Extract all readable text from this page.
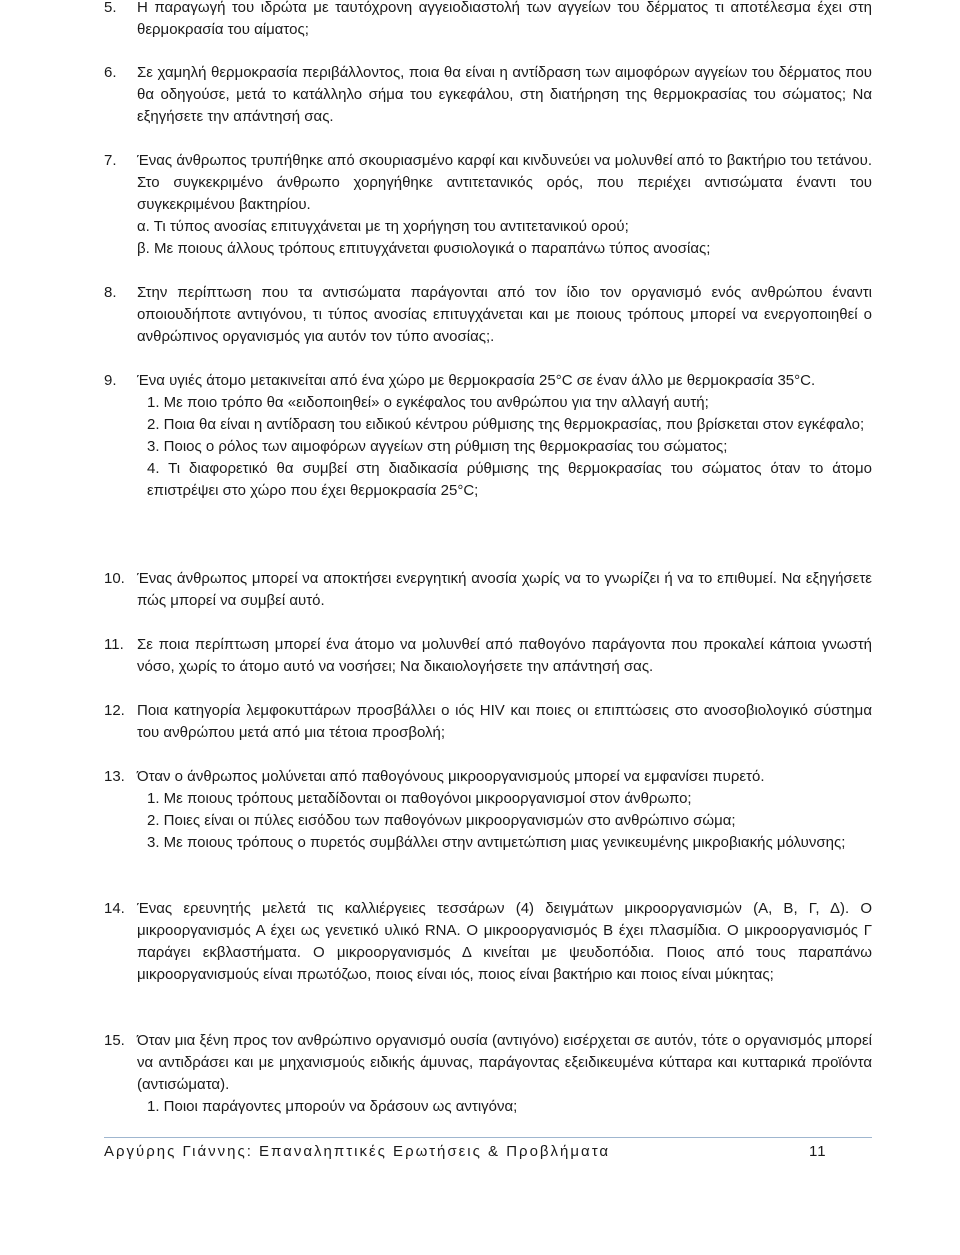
5. Η παραγωγή του ιδρώτα με ταυτόχρονη αγγειοδιαστολή των αγγείων του δέρματος τι αποτέλεσμα έχει στη θερμοκρασία του αίματος;
6. Σε χαμηλή θερμοκρασία περιβάλλοντος, ποια θα είναι η αντίδραση των αιμοφόρων αγγείων του δέρματος που θα οδηγούσε, μετά το κατάλληλο σήμα του εγκεφάλου, στη διατήρηση της θερμοκρασίας του σώματος; Να εξηγήσετε την απάντησή σας.
7. Ένας άνθρωπος τρυπήθηκε από σκουριασμένο καρφί και κινδυνεύει να μολυνθεί από το βακτήριο του τετάνου. Στο συγκεκριμένο άνθρωπο χορηγήθηκε αντιτετανικός ορός, που περιέχει αντισώματα έναντι του συγκεκριμένου βακτηρίου.
α. Τι τύπος ανοσίας επιτυγχάνεται με τη χορήγηση του αντιτετανικού ορού;
β. Με ποιους άλλους τρόπους επιτυγχάνεται φυσιολογικά ο παραπάνω τύπος ανοσίας;
8. Στην περίπτωση που τα αντισώματα παράγονται από τον ίδιο τον οργανισμό ενός ανθρώπου έναντι οποιουδήποτε αντιγόνου, τι τύπος ανοσίας επιτυγχάνεται και με ποιους τρόπους μπορεί να ενεργοποιηθεί ο ανθρώπινος οργανισμός για αυτόν τον τύπο ανοσίας;.
9. Ένα υγιές άτομο μετακινείται από ένα χώρο με θερμοκρασία 25°C σε έναν άλλο με θερμοκρασία 35°C.
1. Με ποιο τρόπο θα «ειδοποιηθεί» ο εγκέφαλος του ανθρώπου για την αλλαγή αυτή;
2. Ποια θα είναι η αντίδραση του ειδικού κέντρου ρύθμισης της θερμοκρασίας, που βρίσκεται στον εγκέφαλο;
3. Ποιος ο ρόλος των αιμοφόρων αγγείων στη ρύθμιση της θερμοκρασίας του σώματος;
4. Τι διαφορετικό θα συμβεί στη διαδικασία ρύθμισης της θερμοκρασίας του σώματος όταν το άτομο επιστρέψει στο χώρο που έχει θερμοκρασία 25°C;
10. Ένας άνθρωπος μπορεί να αποκτήσει ενεργητική ανοσία χωρίς να το γνωρίζει ή να το επιθυμεί. Να εξηγήσετε πώς μπορεί να συμβεί αυτό.
11. Σε ποια περίπτωση μπορεί ένα άτομο να μολυνθεί από παθογόνο παράγοντα που προκαλεί κάποια γνωστή νόσο, χωρίς το άτομο αυτό να νοσήσει; Να δικαιολογήσετε την απάντησή σας.
12. Ποια κατηγορία λεμφοκυττάρων προσβάλλει ο ιός HIV και ποιες οι επιπτώσεις στο ανοσοβιολογικό σύστημα του ανθρώπου μετά από μια τέτοια προσβολή;
13. Όταν ο άνθρωπος μολύνεται από παθογόνους μικροοργανισμούς μπορεί να εμφανίσει πυρετό.
1. Με ποιους τρόπους μεταδίδονται οι παθογόνοι μικροοργανισμοί στον άνθρωπο;
2. Ποιες είναι οι πύλες εισόδου των παθογόνων μικροοργανισμών στο ανθρώπινο σώμα;
3. Με ποιους τρόπους ο πυρετός συμβάλλει στην αντιμετώπιση μιας γενικευμένης μικροβιακής μόλυνσης;
14. Ένας ερευνητής μελετά τις καλλιέργειες τεσσάρων (4) δειγμάτων μικροοργανισμών (Α, Β, Γ, Δ). Ο μικροοργανισμός Α έχει ως γενετικό υλικό RNA. Ο μικροοργανισμός Β έχει πλασμίδια. Ο μικροοργανισμός Γ παράγει εκβλαστήματα. Ο μικροοργανισμός Δ κινείται με ψευδοπόδια. Ποιος από τους παραπάνω μικροοργανισμούς είναι πρωτόζωο, ποιος είναι ιός, ποιος είναι βακτήριο και ποιος είναι μύκητας;
15. Όταν μια ξένη προς τον ανθρώπινο οργανισμό ουσία (αντιγόνο) εισέρχεται σε αυτόν, τότε ο οργανισμός μπορεί να αντιδράσει και με μηχανισμούς ειδικής άμυνας, παράγοντας εξειδικευμένα κύτταρα και κυτταρικά προϊόντα (αντισώματα).
1. Ποιοι παράγοντες μπορούν να δράσουν ως αντιγόνα;
Αργύρης Γιάννης: Επαναληπτικές Ερωτήσεις & Προβλήματα	11
